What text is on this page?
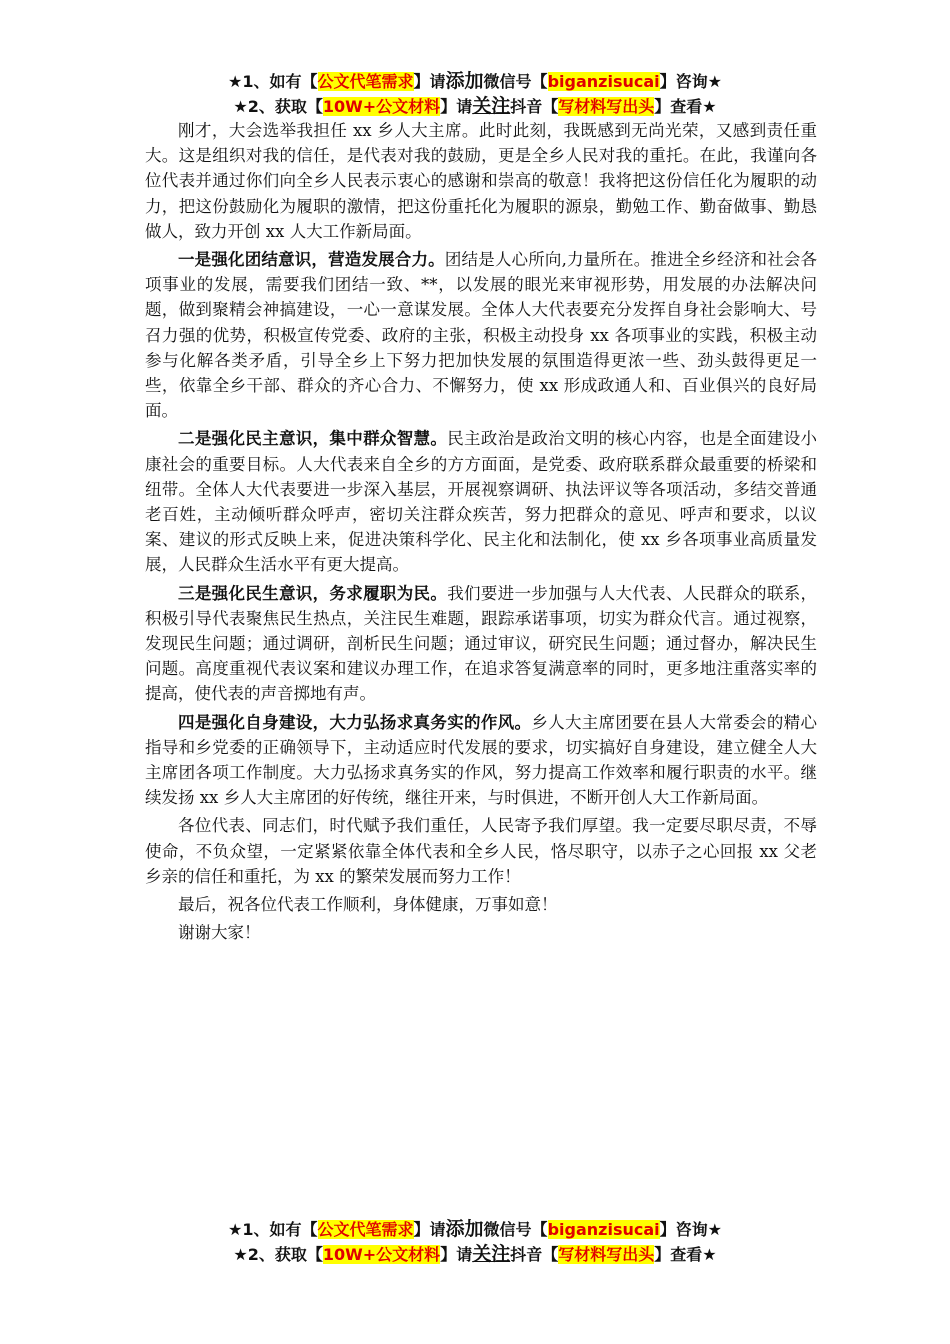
★1、如有【公文代笔需求】请添加微信号【biganzisucai】咨询★
★2、获取【10W+公文材料】请关注抖音【写材料写出头】查看★

刚才，大会选举我担任 xx 乡人大主席。此时此刻，我既感到无尚光荣，又感到责任重大。这是组织对我的信任，是代表对我的鼓励，更是全乡人民对我的重托。在此，我谨向各位代表并通过你们向全乡人民表示衷心的感谢和崇高的敬意！我将把这份信任化为履职的动力，把这份鼓励化为履职的激情，把这份重托化为履职的源泉，勤勉工作、勤奋做事、勤恳做人，致力开创 xx 人大工作新局面。

一是强化团结意识，营造发展合力。团结是人心所向,力量所在。推进全乡经济和社会各项事业的发展，需要我们团结一致、**，以发展的眼光来审视形势，用发展的办法解决问题，做到聚精会神搞建设，一心一意谋发展。全体人大代表要充分发挥自身社会影响大、号召力强的优势，积极宣传党委、政府的主张，积极主动投身 xx 各项事业的实践，积极主动参与化解各类矛盾，引导全乡上下努力把加快发展的氛围造得更浓一些、劲头鼓得更足一些，依靠全乡干部、群众的齐心合力、不懈努力，使 xx 形成政通人和、百业俱兴的良好局面。

二是强化民主意识，集中群众智慧。民主政治是政治文明的核心内容，也是全面建设小康社会的重要目标。人大代表来自全乡的方方面面，是党委、政府联系群众最重要的桥梁和纽带。全体人大代表要进一步深入基层，开展视察调研、执法评议等各项活动，多结交普通老百姓，主动倾听群众呼声，密切关注群众疾苦，努力把群众的意见、呼声和要求，以议案、建议的形式反映上来，促进决策科学化、民主化和法制化，使 xx 乡各项事业高质量发展，人民群众生活水平有更大提高。

三是强化民生意识，务求履职为民。我们要进一步加强与人大代表、人民群众的联系，积极引导代表聚焦民生热点，关注民生难题，跟踪承诺事项，切实为群众代言。通过视察，发现民生问题；通过调研，剖析民生问题；通过审议，研究民生问题；通过督办，解决民生问题。高度重视代表议案和建议办理工作，在追求答复满意率的同时，更多地注重落实率的提高，使代表的声音掷地有声。

四是强化自身建设，大力弘扬求真务实的作风。乡人大主席团要在县人大常委会的精心指导和乡党委的正确领导下，主动适应时代发展的要求，切实搞好自身建设，建立健全人大主席团各项工作制度。大力弘扬求真务实的作风，努力提高工作效率和履行职责的水平。继续发扬 xx 乡人大主席团的好传统，继往开来，与时俱进，不断开创人大工作新局面。

各位代表、同志们，时代赋予我们重任，人民寄予我们厚望。我一定要尽职尽责，不辱使命，不负众望，一定紧紧依靠全体代表和全乡人民，恪尽职守，以赤子之心回报 xx 父老乡亲的信任和重托，为 xx 的繁荣发展而努力工作！

最后，祝各位代表工作顺利，身体健康，万事如意！

谢谢大家！

★1、如有【公文代笔需求】请添加微信号【biganzisucai】咨询★
★2、获取【10W+公文材料】请关注抖音【写材料写出头】查看★
